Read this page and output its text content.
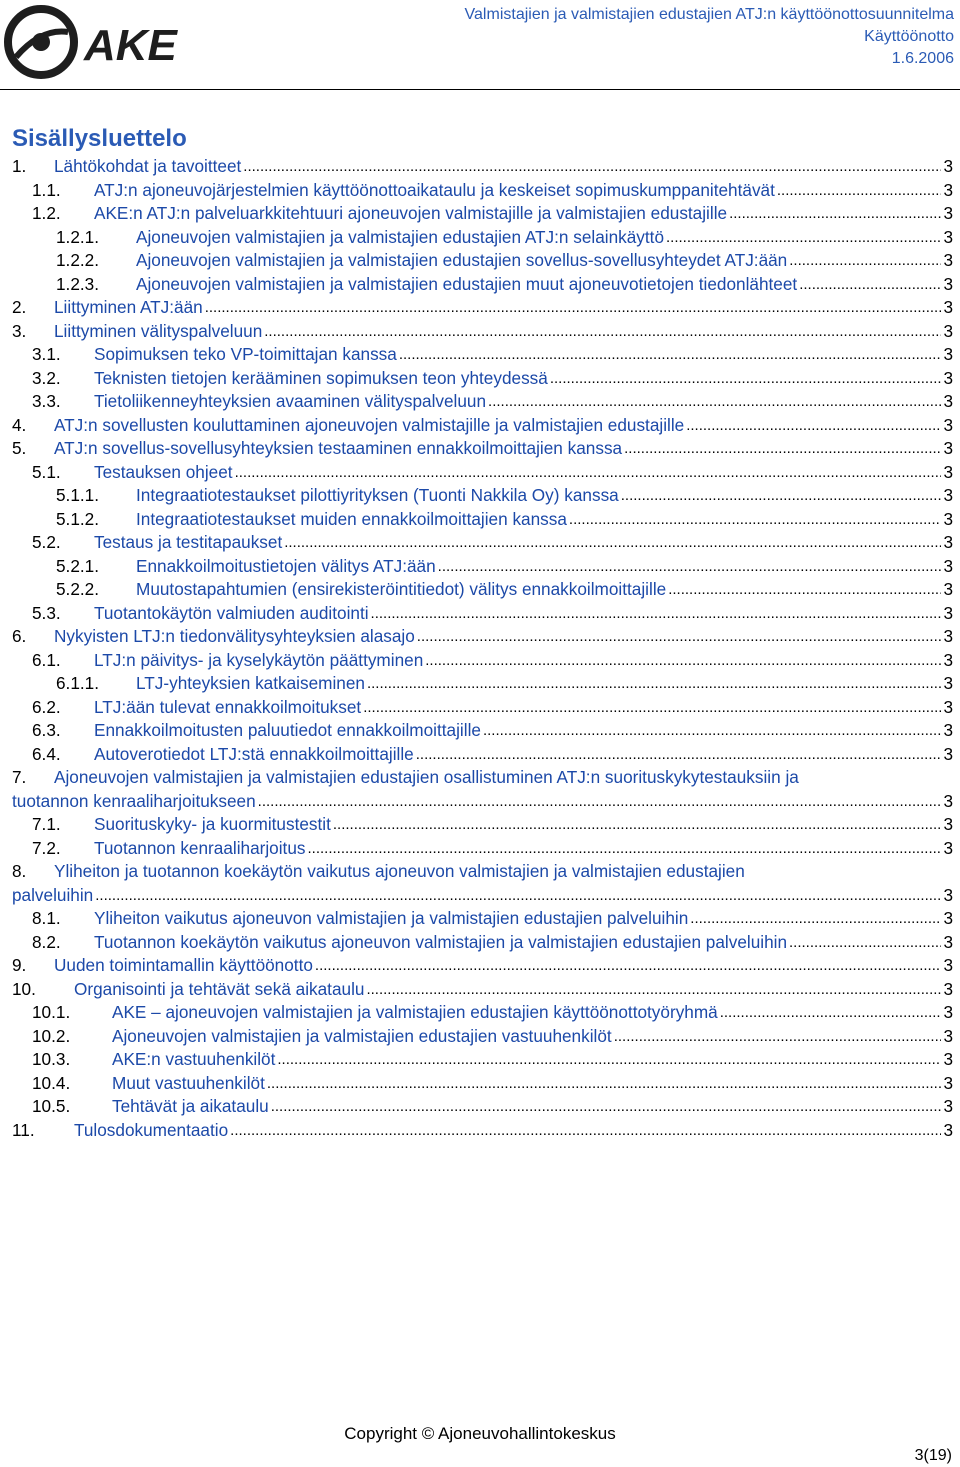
AKE
Valmistajien ja valmistajien edustajien ATJ:n käyttöönottosuunnitelma
Käyttöönotto
1.6.2006
Sisällysluettelo
1.	Lähtökohdat ja tavoitteet .....	3
1.1.	ATJ:n ajoneuvojärjestelmien käyttöönottoaikataulu ja keskeiset sopimuskumppanitehtävät .....	3
1.2.	AKE:n ATJ:n palveluarkkitehtuuri ajoneuvojen valmistajille ja valmistajien edustajille .....	3
1.2.1.	Ajoneuvojen valmistajien ja valmistajien edustajien ATJ:n selainkäyttö .....	3
1.2.2.	Ajoneuvojen valmistajien ja valmistajien edustajien sovellus-sovellusyhteydet ATJ:ään .....	3
1.2.3.	Ajoneuvojen valmistajien ja valmistajien edustajien muut ajoneuvotietojen tiedonlähteet .....	3
2.	Liittyminen ATJ:ään .....	3
3.	Liittyminen välityspalveluun .....	3
3.1.	Sopimuksen teko VP-toimittajan kanssa .....	3
3.2.	Teknisten tietojen kerääminen sopimuksen teon yhteydessä .....	3
3.3.	Tietoliikenneyhteyksien avaaminen välityspalveluun .....	3
4.	ATJ:n sovellusten kouluttaminen ajoneuvojen valmistajille ja valmistajien edustajille .....	3
5.	ATJ:n sovellus-sovellusyhteyksien testaaminen ennakkoilmoittajien kanssa .....	3
5.1.	Testauksen ohjeet .....	3
5.1.1.	Integraatiotestaukset pilottiyrityksen (Tuonti Nakkila Oy) kanssa .....	3
5.1.2.	Integraatiotestaukset muiden ennakkoilmoittajien kanssa .....	3
5.2.	Testaus ja testitapaukset .....	3
5.2.1.	Ennakkoilmoitustietojen välitys ATJ:ään .....	3
5.2.2.	Muutostapahtumien (ensirekisteröintitiedot) välitys ennakkoilmoittajille .....	3
5.3.	Tuotantokäytön valmiuden auditointi .....	3
6.	Nykyisten LTJ:n tiedonvälitysyhteyksien alasajo .....	3
6.1.	LTJ:n päivitys- ja kyselykäytön päättyminen .....	3
6.1.1.	LTJ-yhteyksien katkaiseminen .....	3
6.2.	LTJ:ään tulevat ennakkoilmoitukset .....	3
6.3.	Ennakkoilmoitusten paluutiedot ennakkoilmoittajille .....	3
6.4.	Autoverotiedot LTJ:stä ennakkoilmoittajille .....	3
7. Ajoneuvojen valmistajien ja valmistajien edustajien osallistuminen ATJ:n suorituskykytestauksiin ja
tuotannon kenraaliharjoitukseen .....	3
7.1.	Suorituskyky- ja kuormitustestit .....	3
7.2.	Tuotannon kenraaliharjoitus .....	3
8. Yliheiton ja tuotannon koekäytön vaikutus ajoneuvon valmistajien ja valmistajien edustajien
palveluihin .....	3
8.1.	Yliheiton vaikutus ajoneuvon valmistajien ja valmistajien edustajien palveluihin .....	3
8.2.	Tuotannon koekäytön vaikutus ajoneuvon valmistajien ja valmistajien edustajien palveluihin .....	3
9.	Uuden toimintamallin käyttöönotto .....	3
10.	Organisointi ja tehtävät sekä aikataulu .....	3
10.1.	AKE – ajoneuvojen valmistajien ja valmistajien edustajien käyttöönottotyöryhmä .....	3
10.2.	Ajoneuvojen valmistajien ja valmistajien edustajien vastuuhenkilöt .....	3
10.3.	AKE:n vastuuhenkilöt .....	3
10.4.	Muut vastuuhenkilöt .....	3
10.5.	Tehtävät ja aikataulu .....	3
11.	Tulosdokumentaatio .....	3
Copyright © Ajoneuvohallintokeskus
3(19)
